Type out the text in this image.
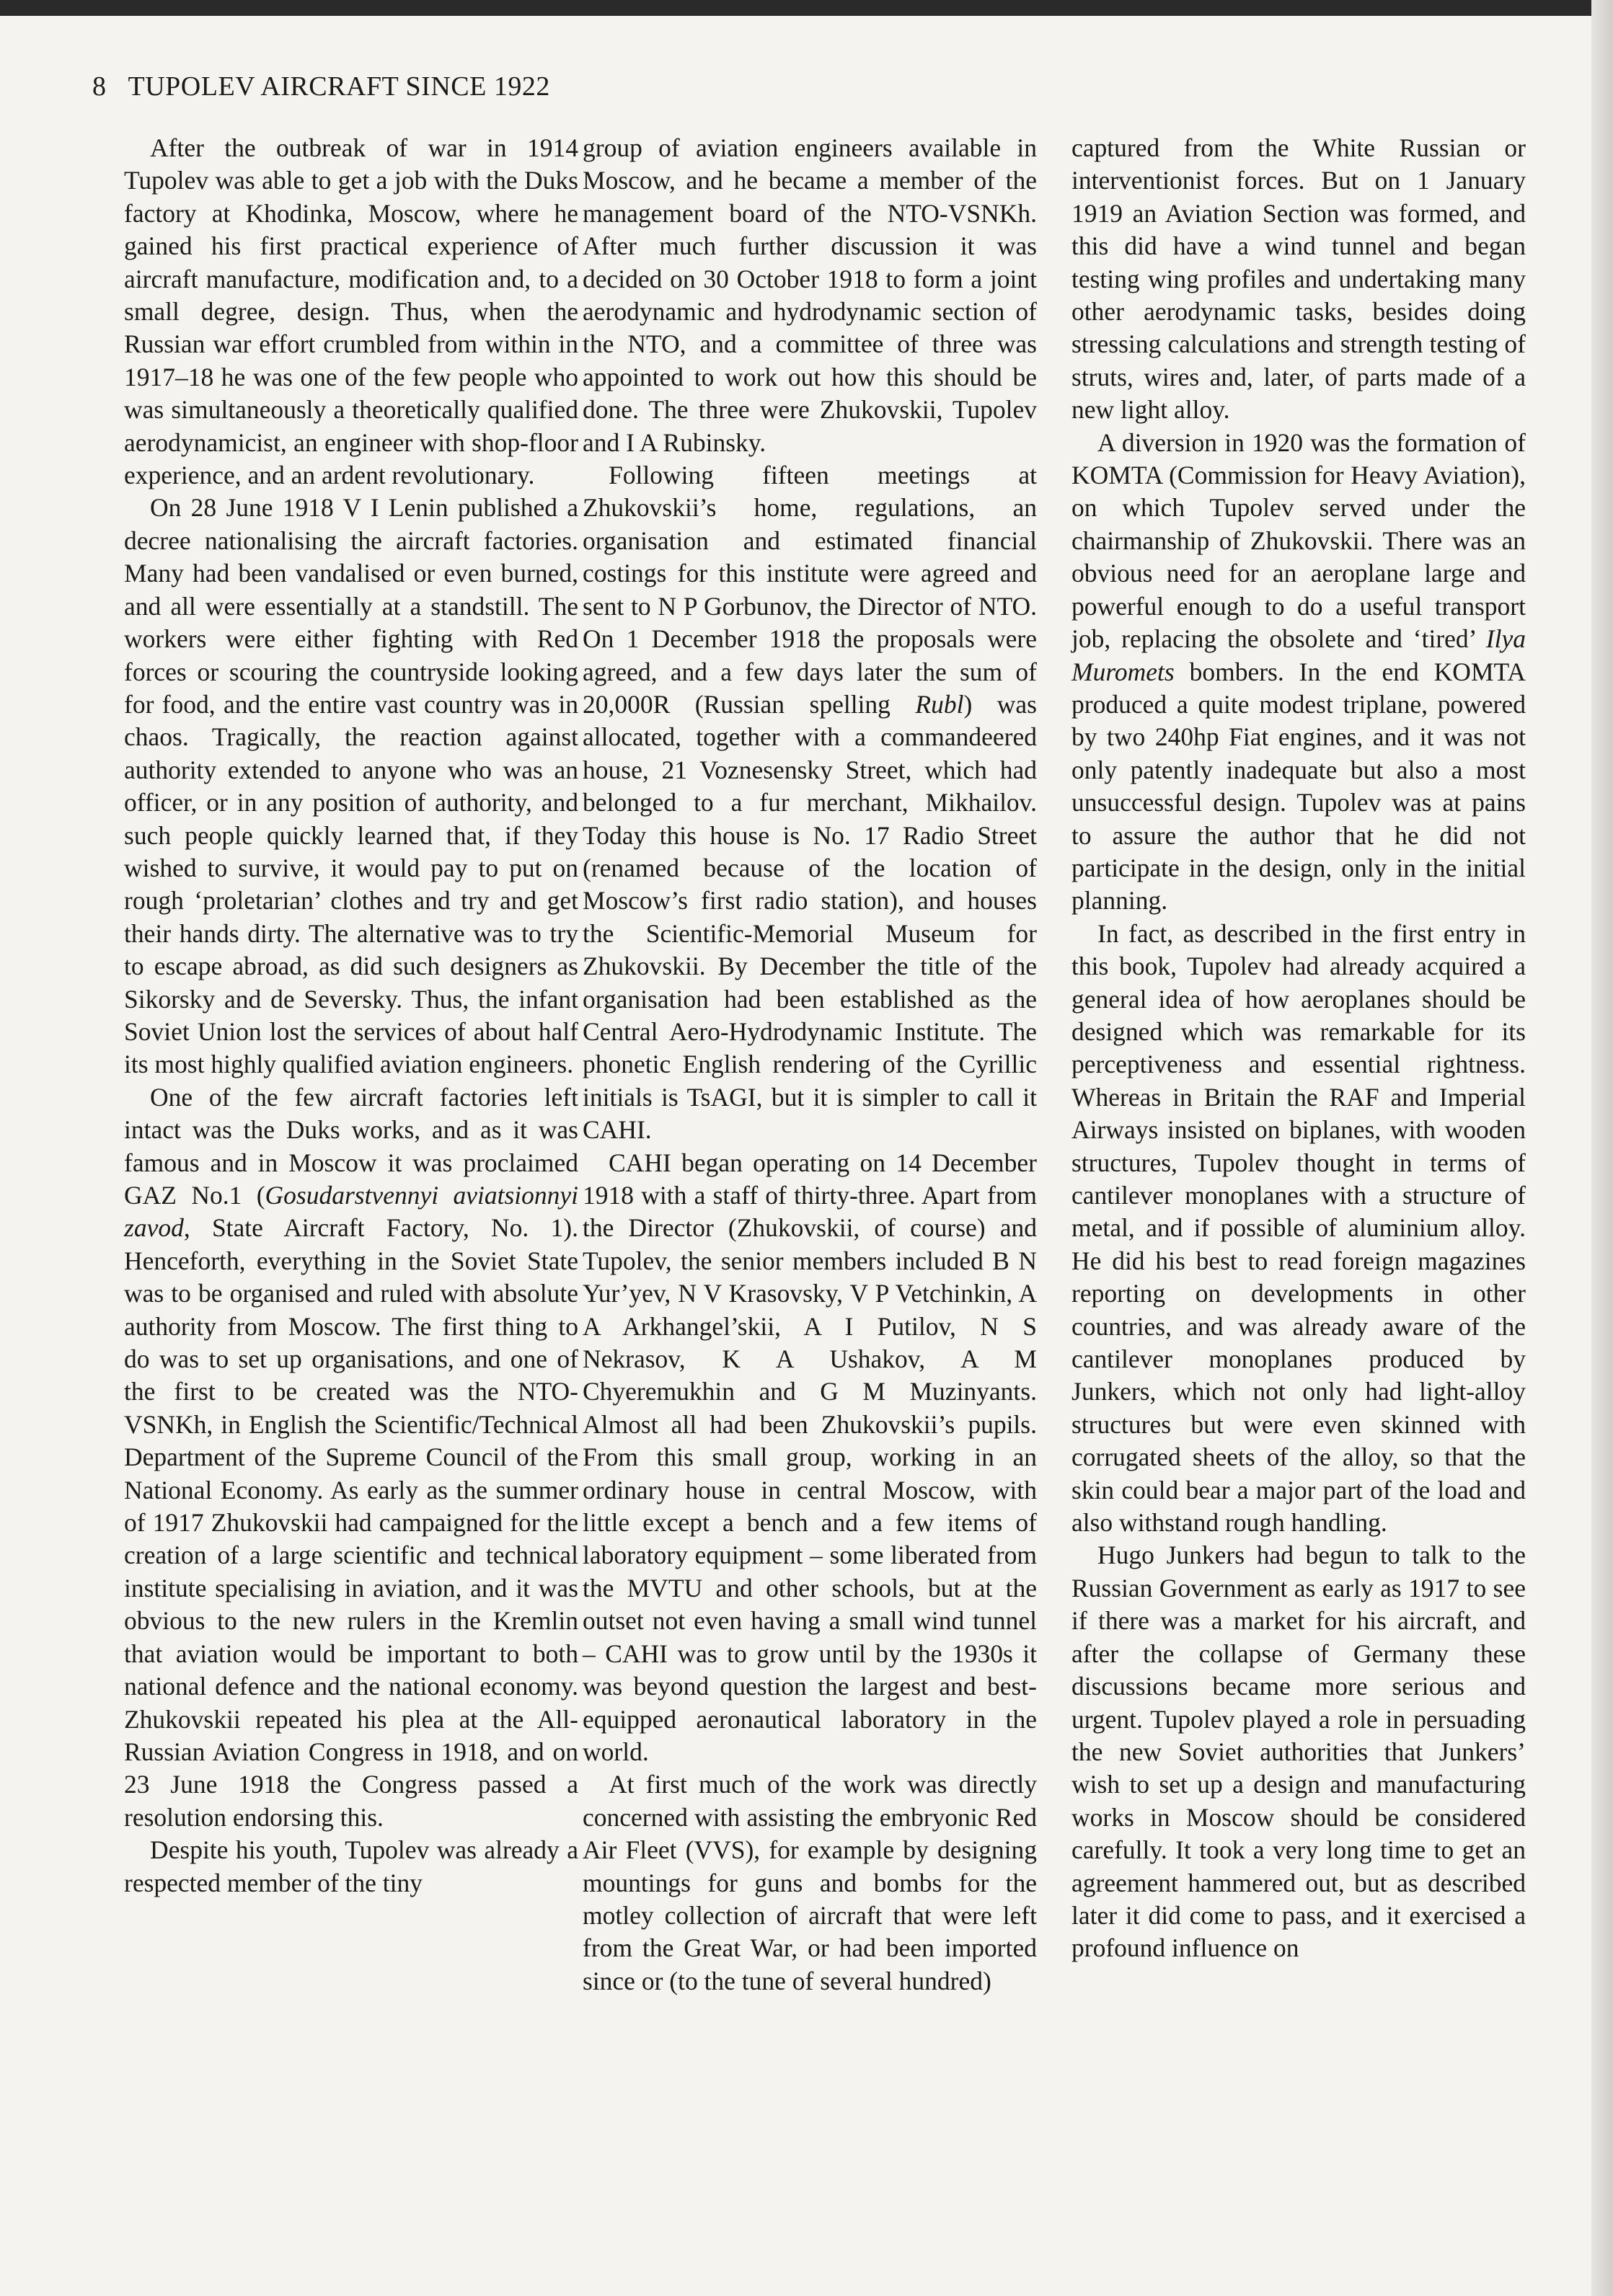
8 TUPOLEV AIRCRAFT SINCE 1922

After the outbreak of war in 1914 Tupolev was able to get a job with the Duks factory at Khodinka, Moscow, where he gained his first practical experience of aircraft manufacture, modification and, to a small degree, design. Thus, when the Russian war effort crumbled from within in 1917–18 he was one of the few people who was simultaneously a theoretically qualified aerodynamicist, an engineer with shop-floor experience, and an ardent revolutionary.

On 28 June 1918 V I Lenin published a decree nationalising the aircraft factories. Many had been vandalised or even burned, and all were essentially at a standstill. The workers were either fighting with Red forces or scouring the countryside looking for food, and the entire vast country was in chaos. Tragically, the reaction against authority extended to anyone who was an officer, or in any position of authority, and such people quickly learned that, if they wished to survive, it would pay to put on rough ‘proletarian’ clothes and try and get their hands dirty. The alternative was to try to escape abroad, as did such designers as Sikorsky and de Seversky. Thus, the infant Soviet Union lost the services of about half its most highly qualified aviation engineers.

One of the few aircraft factories left intact was the Duks works, and as it was famous and in Moscow it was proclaimed GAZ No.1 (Gosudarstvennyi aviatsionnyi zavod, State Aircraft Factory, No. 1). Henceforth, everything in the Soviet State was to be organised and ruled with absolute authority from Moscow. The first thing to do was to set up organisations, and one of the first to be created was the NTO-VSNKh, in English the Scientific/Technical Department of the Supreme Council of the National Economy. As early as the summer of 1917 Zhukovskii had campaigned for the creation of a large scientific and technical institute specialising in aviation, and it was obvious to the new rulers in the Kremlin that aviation would be important to both national defence and the national economy. Zhukovskii repeated his plea at the All-Russian Aviation Congress in 1918, and on 23 June 1918 the Congress passed a resolution endorsing this.

Despite his youth, Tupolev was already a respected member of the tiny

group of aviation engineers available in Moscow, and he became a member of the management board of the NTO-VSNKh. After much further discussion it was decided on 30 October 1918 to form a joint aerodynamic and hydrodynamic section of the NTO, and a committee of three was appointed to work out how this should be done. The three were Zhukovskii, Tupolev and I A Rubinsky.

Following fifteen meetings at Zhukovskii’s home, regulations, an organisation and estimated financial costings for this institute were agreed and sent to N P Gorbunov, the Director of NTO. On 1 December 1918 the proposals were agreed, and a few days later the sum of 20,000R (Russian spelling Rubl) was allocated, together with a commandeered house, 21 Voznesensky Street, which had belonged to a fur merchant, Mikhailov. Today this house is No. 17 Radio Street (renamed because of the location of Moscow’s first radio station), and houses the Scientific-Memorial Museum for Zhukovskii. By December the title of the organisation had been established as the Central Aero-Hydrodynamic Institute. The phonetic English rendering of the Cyrillic initials is TsAGI, but it is simpler to call it CAHI.

CAHI began operating on 14 December 1918 with a staff of thirty-three. Apart from the Director (Zhukovskii, of course) and Tupolev, the senior members included B N Yur’yev, N V Krasovsky, V P Vetchinkin, A A Arkhangel’skii, A I Putilov, N S Nekrasov, K A Ushakov, A M Chyeremukhin and G M Muzinyants. Almost all had been Zhukovskii’s pupils. From this small group, working in an ordinary house in central Moscow, with little except a bench and a few items of laboratory equipment – some liberated from the MVTU and other schools, but at the outset not even having a small wind tunnel – CAHI was to grow until by the 1930s it was beyond question the largest and best-equipped aeronautical laboratory in the world.

At first much of the work was directly concerned with assisting the embryonic Red Air Fleet (VVS), for example by designing mountings for guns and bombs for the motley collection of aircraft that were left from the Great War, or had been imported since or (to the tune of several hundred)

captured from the White Russian or interventionist forces. But on 1 January 1919 an Aviation Section was formed, and this did have a wind tunnel and began testing wing profiles and undertaking many other aerodynamic tasks, besides doing stressing calculations and strength testing of struts, wires and, later, of parts made of a new light alloy.

A diversion in 1920 was the formation of KOMTA (Commission for Heavy Aviation), on which Tupolev served under the chairmanship of Zhukovskii. There was an obvious need for an aeroplane large and powerful enough to do a useful transport job, replacing the obsolete and ‘tired’ Ilya Muromets bombers. In the end KOMTA produced a quite modest triplane, powered by two 240hp Fiat engines, and it was not only patently inadequate but also a most unsuccessful design. Tupolev was at pains to assure the author that he did not participate in the design, only in the initial planning.

In fact, as described in the first entry in this book, Tupolev had already acquired a general idea of how aeroplanes should be designed which was remarkable for its perceptiveness and essential rightness. Whereas in Britain the RAF and Imperial Airways insisted on biplanes, with wooden structures, Tupolev thought in terms of cantilever monoplanes with a structure of metal, and if possible of aluminium alloy. He did his best to read foreign magazines reporting on developments in other countries, and was already aware of the cantilever monoplanes produced by Junkers, which not only had light-alloy structures but were even skinned with corrugated sheets of the alloy, so that the skin could bear a major part of the load and also withstand rough handling.

Hugo Junkers had begun to talk to the Russian Government as early as 1917 to see if there was a market for his aircraft, and after the collapse of Germany these discussions became more serious and urgent. Tupolev played a role in persuading the new Soviet authorities that Junkers’ wish to set up a design and manufacturing works in Moscow should be considered carefully. It took a very long time to get an agreement hammered out, but as described later it did come to pass, and it exercised a profound influence on
